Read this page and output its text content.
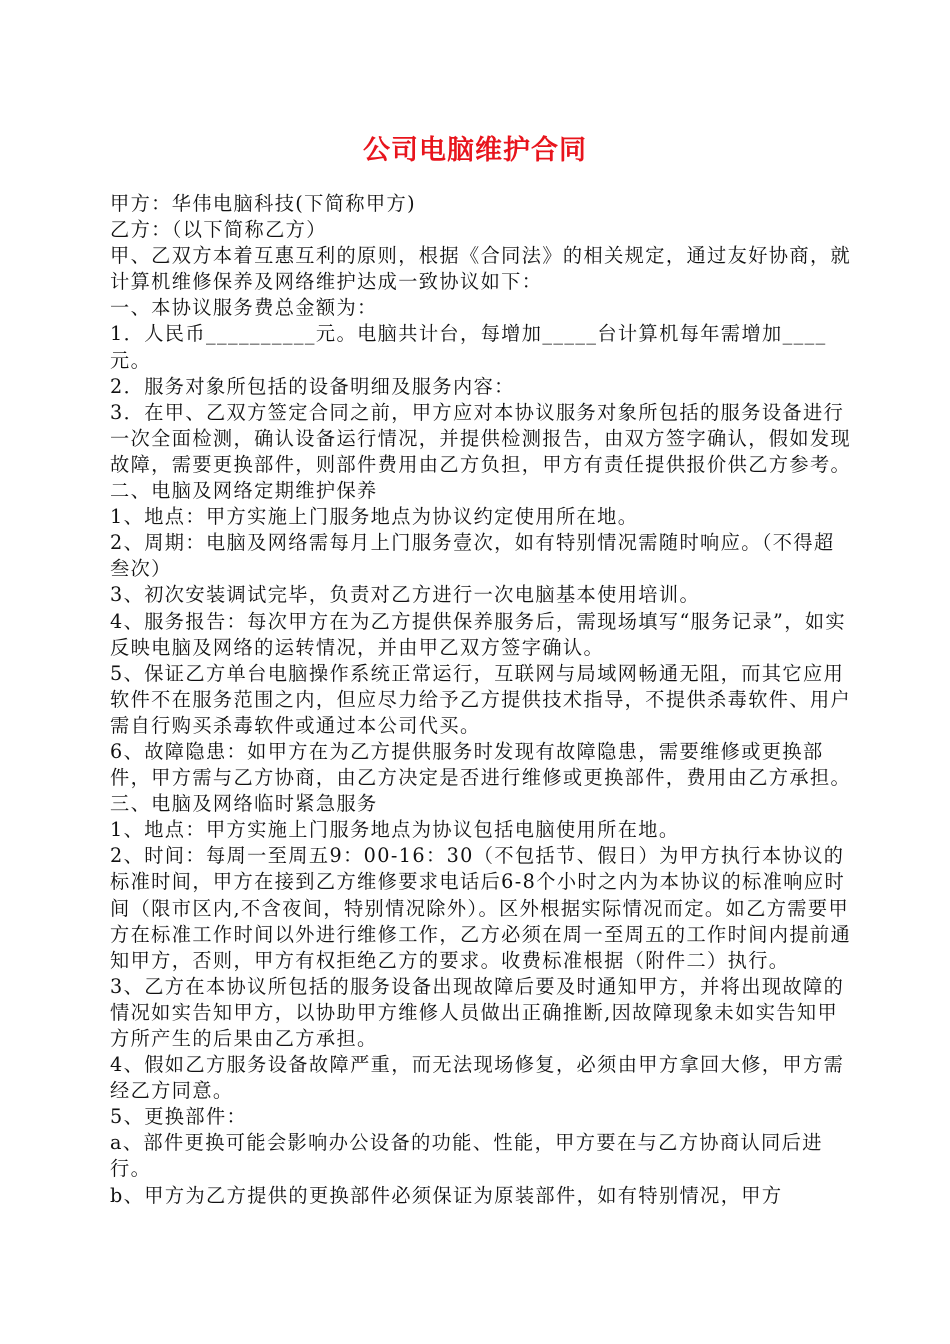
公司电脑维护合同

甲方：华伟电脑科技(下简称甲方)

乙方：（以下简称乙方）

甲、乙双方本着互惠互利的原则，根据《合同法》的相关规定，通过友好协商，就计算机维修保养及网络维护达成一致协议如下：

一、本协议服务费总金额为：

1．人民币__________元。电脑共计台，每增加_____台计算机每年需增加____元。

2．服务对象所包括的设备明细及服务内容：

3．在甲、乙双方签定合同之前，甲方应对本协议服务对象所包括的服务设备进行一次全面检测，确认设备运行情况，并提供检测报告，由双方签字确认，假如发现故障，需要更换部件，则部件费用由乙方负担，甲方有责任提供报价供乙方参考。

二、电脑及网络定期维护保养

1、地点：甲方实施上门服务地点为协议约定使用所在地。

2、周期：电脑及网络需每月上门服务壹次，如有特别情况需随时响应。（不得超叁次）

3、初次安装调试完毕，负责对乙方进行一次电脑基本使用培训。

4、服务报告：每次甲方在为乙方提供保养服务后，需现场填写“服务记录”，如实反映电脑及网络的运转情况，并由甲乙双方签字确认。

5、保证乙方单台电脑操作系统正常运行，互联网与局域网畅通无阻，而其它应用软件不在服务范围之内，但应尽力给予乙方提供技术指导，不提供杀毒软件、用户需自行购买杀毒软件或通过本公司代买。

6、故障隐患：如甲方在为乙方提供服务时发现有故障隐患，需要维修或更换部件，甲方需与乙方协商，由乙方决定是否进行维修或更换部件，费用由乙方承担。

三、电脑及网络临时紧急服务

1、地点：甲方实施上门服务地点为协议包括电脑使用所在地。

2、时间：每周一至周五9：00-16：30（不包括节、假日）为甲方执行本协议的标准时间，甲方在接到乙方维修要求电话后6-8个小时之内为本协议的标准响应时间（限市区内,不含夜间，特别情况除外）。区外根据实际情况而定。如乙方需要甲方在标准工作时间以外进行维修工作，乙方必须在周一至周五的工作时间内提前通知甲方，否则，甲方有权拒绝乙方的要求。收费标准根据（附件二）执行。

3、乙方在本协议所包括的服务设备出现故障后要及时通知甲方，并将出现故障的情况如实告知甲方，以协助甲方维修人员做出正确推断,因故障现象未如实告知甲方所产生的后果由乙方承担。

4、假如乙方服务设备故障严重，而无法现场修复，必须由甲方拿回大修，甲方需经乙方同意。

5、更换部件：

a、部件更换可能会影响办公设备的功能、性能，甲方要在与乙方协商认同后进行。

b、甲方为乙方提供的更换部件必须保证为原装部件，如有特别情况，甲方
